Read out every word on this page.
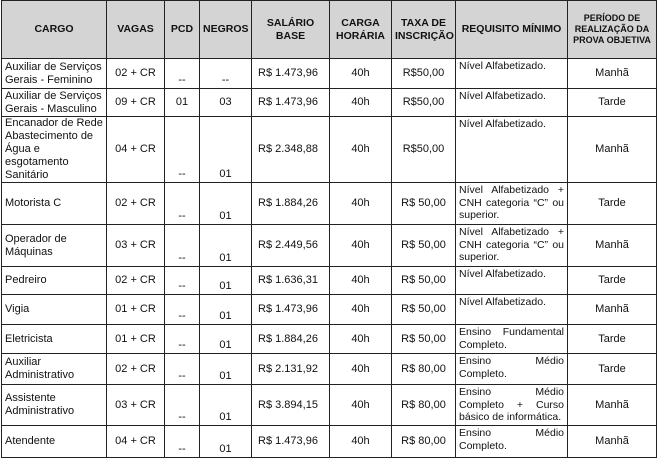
CARGO	VAGAS	PCD	NEGROS	SALÁRIO BASE	CARGA HORÁRIA	TAXA DE INSCRIÇÃO	REQUISITO MÍNIMO	PERÍODO DE REALIZAÇÃO DA PROVA OBJETIVA
Auxiliar de Serviços Gerais - Feminino	02 + CR	--	--	R$ 1.473,96	40h	R$50,00	Nível Alfabetizado.	Manhã
Auxiliar de Serviços Gerais - Masculino	09 + CR	01	03	R$ 1.473,96	40h	R$50,00	Nível Alfabetizado.	Tarde
Encanador de Rede Abastecimento de Água e esgotamento Sanitário	04 + CR	--	01	R$ 2.348,88	40h	R$50,00	Nível Alfabetizado.	Manhã
Motorista C	02 + CR	--	01	R$ 1.884,26	40h	R$ 50,00	Nível Alfabetizado + CNH categoria “C” ou superior.	Tarde
Operador de Máquinas	03 + CR	--	01	R$ 2.449,56	40h	R$ 50,00	Nível Alfabetizado + CNH categoria “C” ou superior.	Manhã
Pedreiro	02 + CR	--	01	R$ 1.636,31	40h	R$ 50,00	Nível Alfabetizado.	Tarde
Vigia	01 + CR	--	01	R$ 1.473,96	40h	R$ 50,00	Nível Alfabetizado.	Manhã
Eletricista	01 + CR	--	01	R$ 1.884,26	40h	R$ 50,00	Ensino Fundamental Completo.	Tarde
Auxiliar Administrativo	02 + CR	--	01	R$ 2.131,92	40h	R$ 80,00	Ensino Médio Completo.	Tarde
Assistente Administrativo	03 + CR	--	01	R$ 3.894,15	40h	R$ 80,00	Ensino Médio Completo + Curso básico de informática.	Manhã
Atendente	04 + CR	--	01	R$ 1.473,96	40h	R$ 80,00	Ensino Médio Completo.	Manhã
